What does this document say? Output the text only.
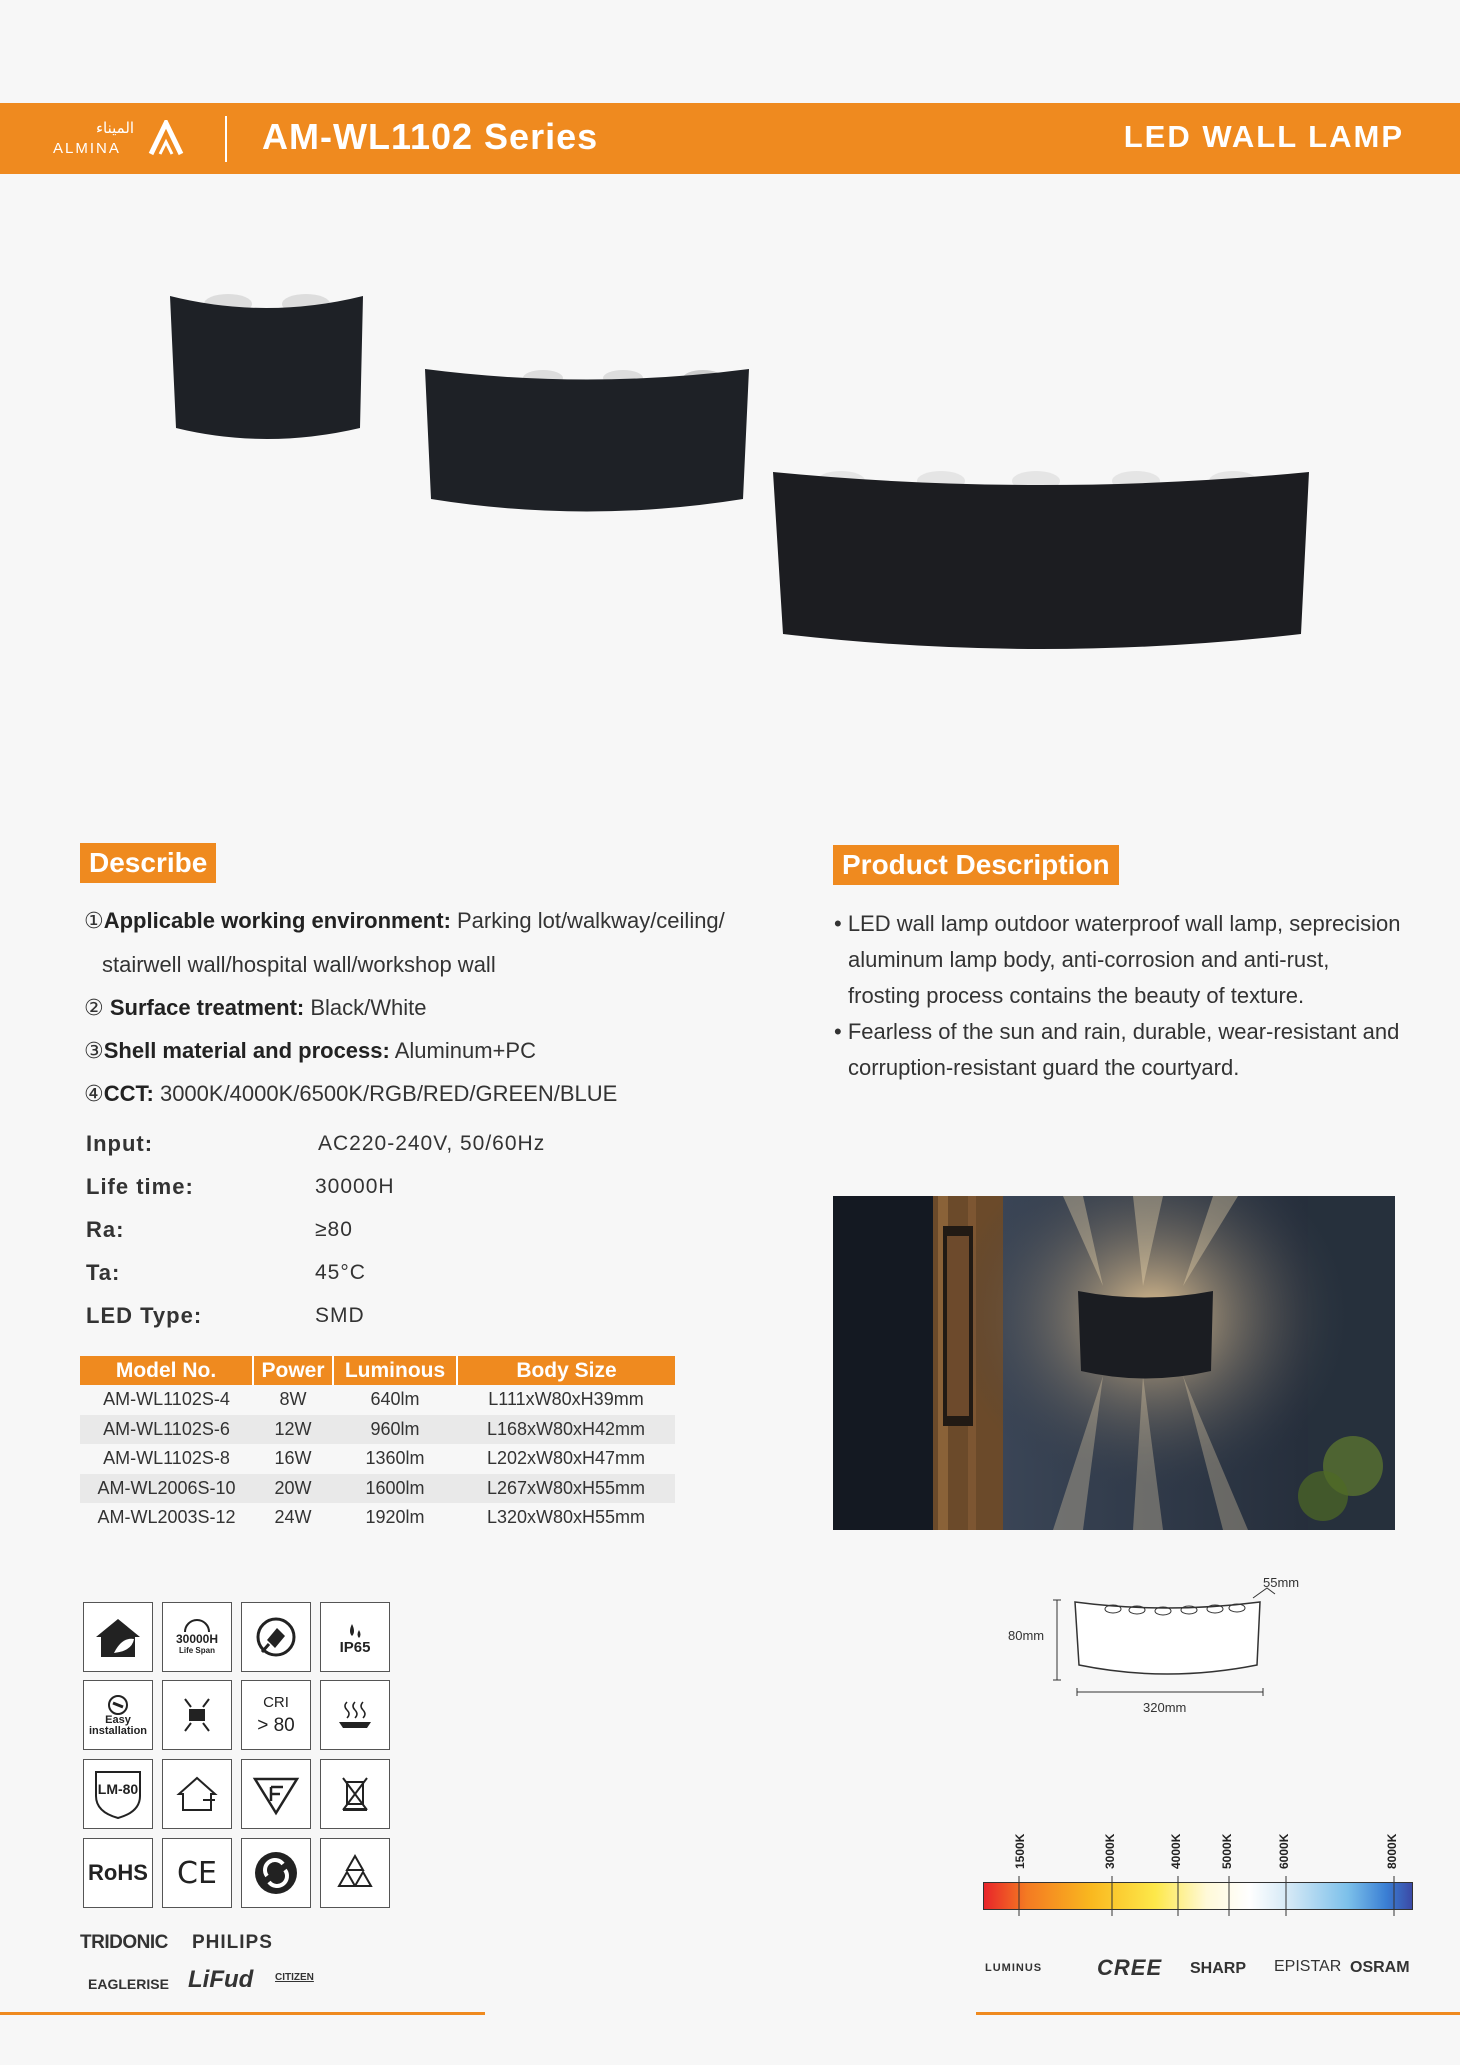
الميناء
ALMINA	AM-WL1102 Series	LED WALL LAMP
Describe
①Applicable working environment: Parking lot/walkway/ceiling/
stairwell wall/hospital wall/workshop wall
② Surface treatment: Black/White
③Shell material and process: Aluminum+PC
④CCT: 3000K/4000K/6500K/RGB/RED/GREEN/BLUE
Input:	AC220-240V, 50/60Hz
Life time:	30000H
Ra:	≥80
Ta:	45°C
LED Type:	SMD
Model No.	Power	Luminous	Body Size
AM-WL1102S-4	8W	640lm	L111xW80xH39mm
AM-WL1102S-6	12W	960lm	L168xW80xH42mm
AM-WL1102S-8	16W	1360lm	L202xW80xH47mm
AM-WL2006S-10	20W	1600lm	L267xW80xH55mm
AM-WL2003S-12	24W	1920lm	L320xW80xH55mm
Product Description
• LED wall lamp outdoor waterproof wall lamp, seprecision
aluminum lamp body, anti-corrosion and anti-rust,
frosting process contains the beauty of texture.
• Fearless of the sun and rain, durable, wear-resistant and
corruption-resistant guard the courtyard.
80mm
320mm
55mm
30000H
Life Span	IP65
Easy
installation
CRI
> 80
LM-80
RoHS CE
TRIDONIC PHILIPS
EAGLERISE LiFud CITIZEN
1500K	3000K	4000K	5000K	6000K	8000K
LUMINUS CREE SHARP EPISTAR OSRAM
